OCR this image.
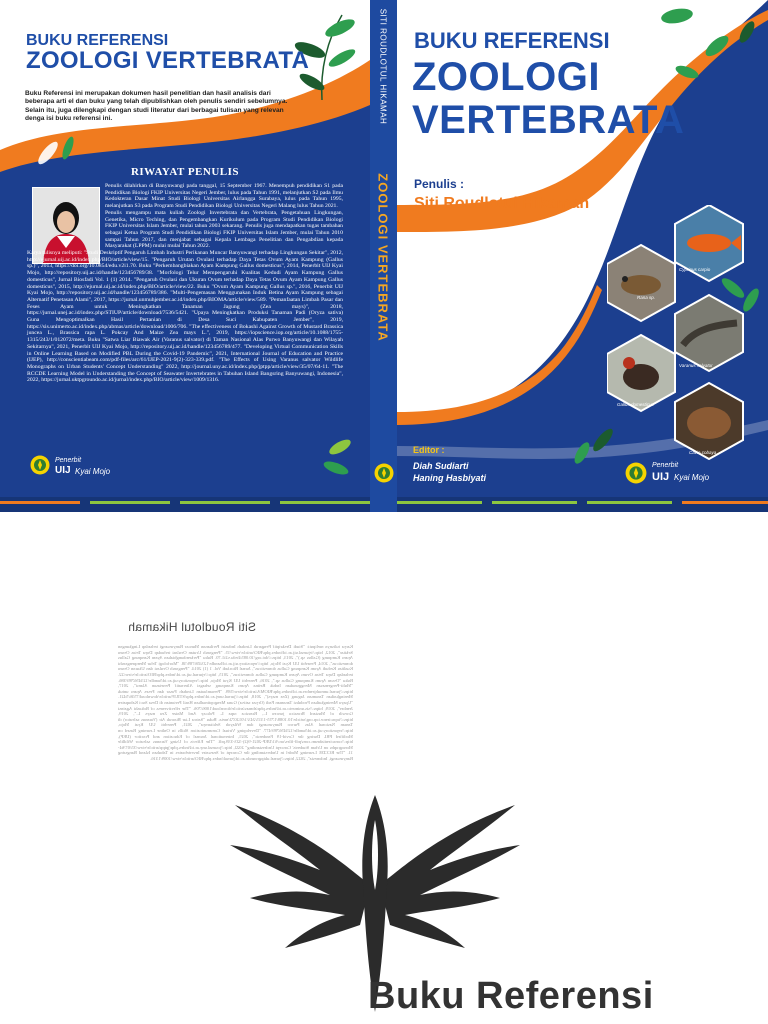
BUKU REFERENSI
ZOOLOGI VERTEBRATA
Buku Referensi ini merupakan dokumen hasil penelitian dan hasil analisis dari beberapa arti el dan buku yang telah dipublishkan oleh penulis sendiri sebelumnya. Selain itu, juga dilengkapi dengan studi literatur dari berbagai tulisan yang relevan denga isi buku referensi ini.
RIWAYAT PENULIS
Penulis dilahirkan di Banyuwangi pada tanggal, 15 September 1967. Menempuh pendidikan S1 pada Pendidikan Biologi FKIP Universitas Negeri Jember, lulus pada Tahun 1991, melanjutkan S2 pada Ilmu Kedokteran Dasar Minat Studi Biologi Universitas Airlangga Surabaya, lulus pada Tahun 1995, melanjutkan S3 pada Program Studi Pendidikan Biologi Universitas Negeri Malang lulus Tahun 2021.
Penulis mengampu mata kuliah Zoologi Invertebrata dan Vertebrata, Pengetahuan Lingkungan, Genetika, Micro Teching, dan Pengembangkan Kurikulum pada Program Studi Pendidikan Biologi FKIP Universitas Islam Jember, mulai tahun 2003 sekarang. Penulis juga mendapatkan tugas tambahan sebagai Ketua Program Studi Pendidikan Biologi FKIP Universitas Islam Jember, mulai Tahun 2010 sampai Tahun 2017, dan menjabat sebagai Kepala Lembaga Penelitian dan Pengabdian kepada Masyarakat (LPPM) mulai mulai Tahun 2022.
Karya tulisnya meliputi: "Studi Deskriptif Pengaruh Limbah Industri Perikanan Muncar Banyuwangi terhadap Lingkungan Sekitar", 2012, http://ejurnal.uij.ac.id/index.php/BIO/article/view/15. "Pengaruh Urutan Ovulasi terhadap Daya Tetas Ovum Ayam Kampung (Gallus sp.)", 2013, https://doi.org/10.0854/edu.v2i1.70. Buku "Perkembangbiakan Ayam Kampung Gallus domesticus", 2014, Penerbit UIJ Kyai Mojo, http://repository.uij.ac.id/handle/123456789/38. "Morfologi Telur Mempengaruhi Kualitas Kedudi Ayam Kampung Gallus domesticus", Jurnal Biosfadi Vol. 1 (1) 2014. "Pengaruh Ovulasi dan Ukuran Ovum terhadap Daya Tetas Ovum Ayam Kampung Gallus domesticus", 2015, http://ejurnal.uij.ac.id/index.php/BIO/article/view/22. Buku "Ovum Ayam Kampung Gallus sp.", 2016, Penerbit UIJ Kyai Mojo, http://repository.uij.ac.id/handle/123456789/386. "Multi-Pengemasan Menggunakan Induk Betina Ayam Kampung sebagai Alternatif Penetasan Alami", 2017, https://jurnal.unmuhjember.ac.id/index.php/BIOMA/article/view/589. "Pemanfaatan Limbah Pasar dan Feses Ayam untuk Meningkatkan Tanaman Jagung (Zea mays)", 2018, https://jurnal.unej.ac.id/index.php/STIUP/article/download/7536/5421. "Upaya Meningkatkan Produksi Tanaman Padi (Oryza sativa) Guna Mengoptimalkan Hasil Pertanian di Desa Suci Kabupaten Jember", 2019, https://sis.unimerto.ac.id/index.php/abmas/article/download/1006/706. "The effectiveness of Bokashi Against Growth of Mustard Brassica juncea L., Brassica rapa L. Pokcay And Maize Zea mays L.", 2019, https://iopscience.iop.org/article/10.1088/1755-1315/243/1/012072/meta. Buku "Satwa Liar Biawak Air (Varanus salvator) di Taman Nasional Alas Purwo Banyuwangi dan Wilayah Sekitarnya", 2021, Penerbit UIJ Kyai Mojo, http://repository.uij.ac.id/handle/123456789/477. "Developing Virtual Communication Skills in Online Learning Based on Modified PBL During the Covid-19 Pandemic", 2021, International Journal of Education and Practice (IJEP), http://conscientiabeam.com/pdf-files/arc/61/IJEP-2021-9(2)-323-339.pdf. "The Effects of Using Varanus salvator Wildlife Monographs on Urban Students' Concept Understanding" 2022, http://journal.uny.ac.id/index.php/jptpp/article/view/35/07/64-11. "The RCCDE Learning Model in Understanding the Concept of Seawater Invertebrates in Tabuhan Island Bangsring Banyuwangi, Indonesia", 2022, https://jurnal.uktpgroundo.ac.id/jurnal/index.php/BIO/article/view/1009/1316.
Penerbit
UIJ Kyai Mojo
SITI ROUDLOTUL HIKAMAH
ZOOLOGI VERTEBRATA
BUKU REFERENSI
ZOOLOGI
VERTEBRATA
Penulis :
Siti Roudlotul Hikamah
Cyprinus carpio
Rana sp.
Varanus salvator
Gallus domesticus
Cavia cobaya
Editor :
Diah Sudiarti
Haning Hasbiyati
Penerbit
UIJ Kyai Mojo
Siti Roudlotul Hikamah
Karya tulisnya meliputi: "Studi Deskriptif Pengaruh Limbah Industri Perikanan Muncar Banyuwangi terhadap Lingkungan Sekitar", 2012, http://ejurnal.uij.ac.id/index.php/BIO/article/view/15. "Pengaruh Urutan Ovulasi terhadap Daya Tetas Ovum Ayam Kampung (Gallus sp.)", 2013, https://doi.org/10.0854/edu.v2i1.70. Buku "Perkembangbiakan Ayam Kampung Gallus domesticus", 2014, Penerbit UIJ Kyai Mojo, http://repository.uij.ac.id/handle/123456789/38. "Morfologi Telur Mempengaruhi Kualitas Kedudi Ayam Kampung Gallus domesticus", Jurnal Biosfadi Vol. 1 (1) 2014. "Pengaruh Ovulasi dan Ukuran Ovum terhadap Daya Tetas Ovum Ayam Kampung Gallus domesticus", 2015, http://ejurnal.uij.ac.id/index.php/BIO/article/view/22. Buku "Ovum Ayam Kampung Gallus sp.", 2016, Penerbit UIJ Kyai Mojo, http://repository.uij.ac.id/handle/123456789/386. "Multi-Pengemasan Menggunakan Induk Betina Ayam Kampung sebagai Alternatif Penetasan Alami", 2017, https://jurnal.unmuhjember.ac.id/index.php/BIOMA/article/view/589. "Pemanfaatan Limbah Pasar dan Feses Ayam untuk Meningkatkan Tanaman Jagung (Zea mays)", 2018, https://jurnal.unej.ac.id/index.php/STIUP/article/download/7536/5421. "Upaya Meningkatkan Produksi Tanaman Padi (Oryza sativa) Guna Mengoptimalkan Hasil Pertanian di Desa Suci Kabupaten Jember", 2019, https://sis.unimerto.ac.id/index.php/abmas/article/download/1006/706. "The effectiveness of Bokashi Against Growth of Mustard Brassica juncea L., Brassica rapa L. Pokcay And Maize Zea mays L.", 2019, https://iopscience.iop.org/article/10.1088/1755-1315/243/1/012072/meta. Buku "Satwa Liar Biawak Air (Varanus salvator) di Taman Nasional Alas Purwo Banyuwangi dan Wilayah Sekitarnya", 2021, Penerbit UIJ Kyai Mojo, http://repository.uij.ac.id/handle/123456789/477. "Developing Virtual Communication Skills in Online Learning Based on Modified PBL During the Covid-19 Pandemic", 2021, International Journal of Education and Practice (IJEP), http://conscientiabeam.com/pdf-files/arc/61/IJEP-2021-9(2)-323-339.pdf. "The Effects of Using Varanus salvator Wildlife Monographs on Urban Students' Concept Understanding" 2022, http://journal.uny.ac.id/index.php/jptpp/article/view/35/07/64-11. "The RCCDE Learning Model in Understanding the Concept of Seawater Invertebrates in Tabuhan Island Bangsring Banyuwangi, Indonesia", 2022, https://jurnal.uktpgroundo.ac.id/jurnal/index.php/BIO/article/view/1009/1316.
Buku Referensi
